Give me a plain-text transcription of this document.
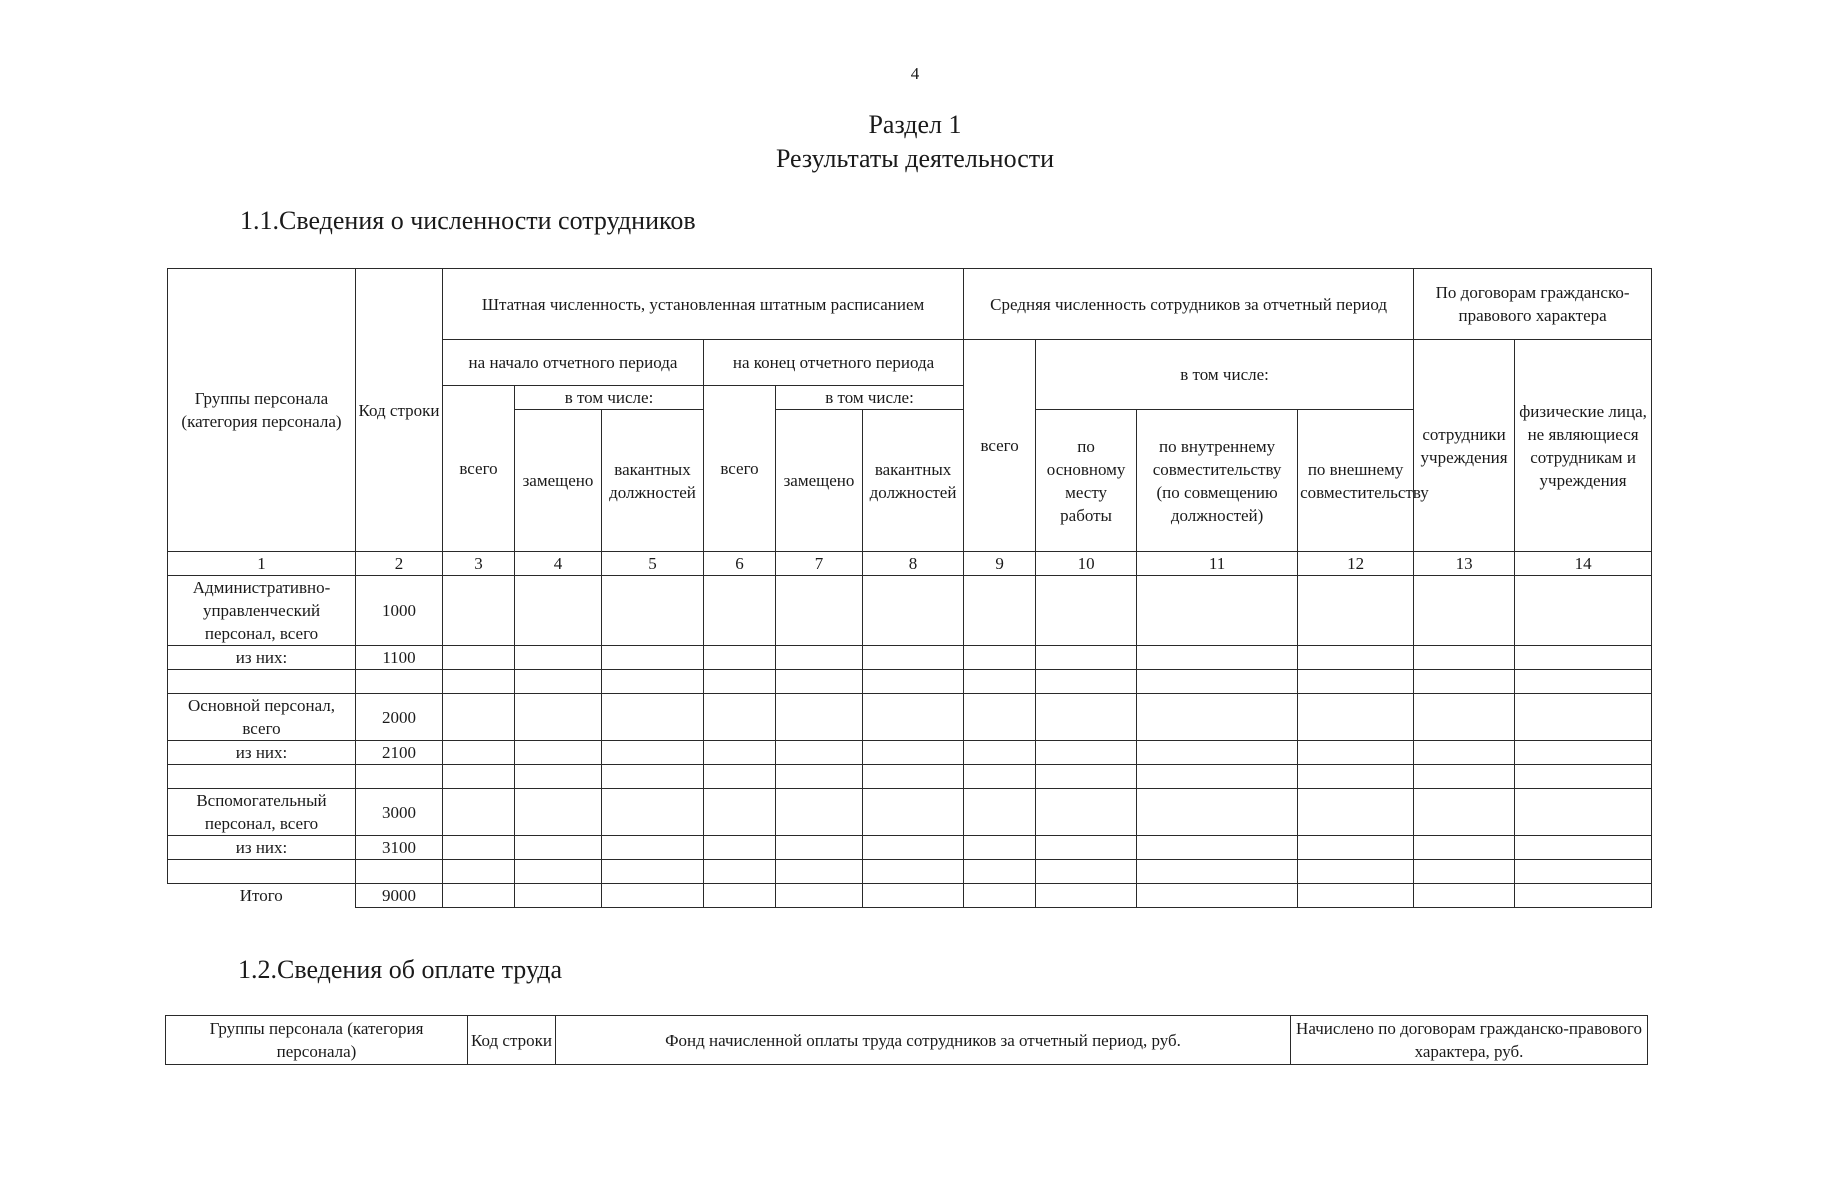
4
Раздел 1
Результаты деятельности
1.1.Сведения о численности сотрудников
Группы персонала (категория персонала)	Код строки	Штатная численность, установленная штатным расписанием						Средняя численность сотрудников за отчетный период				По договорам гражданско-правового характера	
		на начало отчетного периода			на конец отчетного периода			всего	в том числе:			сотрудники учреждения	физические лица, не являющиеся сотрудникам и учреждения
		всего	в том числе:		всего	в том числе:							
			замещено	вакантных должностей		замещено	вакантных должностей		по основному месту работы	по внутреннему совместительству (по совмещению должностей)	по внешнему совместительству		
1	2	3	4	5	6	7	8	9	10	11	12	13	14
Административно-управленческий персонал, всего	1000												
из них:	1100												

Основной персонал, всего	2000												
из них:	2100												

Вспомогательный персонал, всего	3000												
из них:	3100												

Итого	9000												
1.2.Сведения об оплате труда
Группы персонала (категория персонала)	Код строки	Фонд начисленной оплаты труда сотрудников за отчетный период, руб.	Начислено по договорам гражданско-правового характера, руб.
